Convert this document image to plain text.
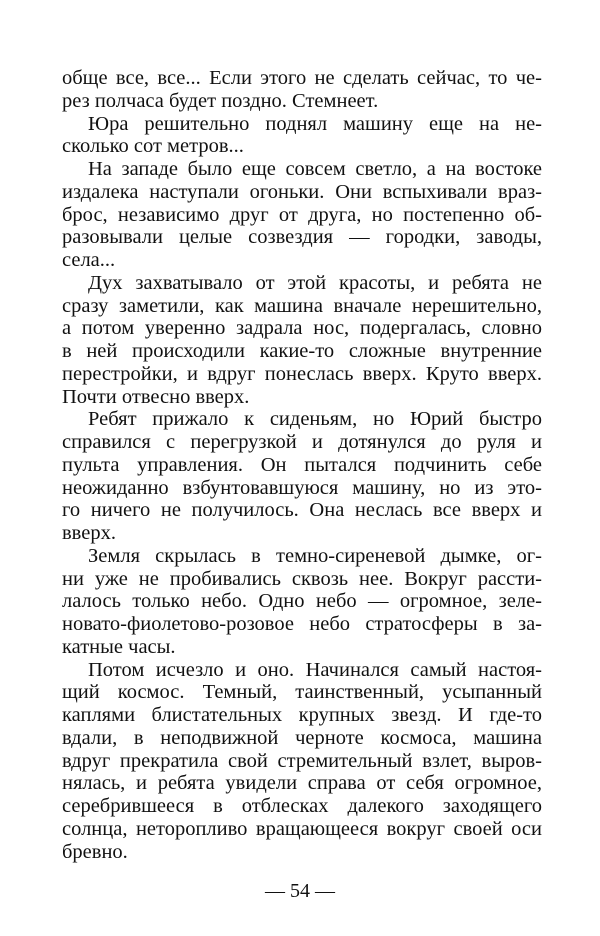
обще все, все... Если этого не сделать сейчас, то че-
рез полчаса будет поздно. Стемнеет.
Юра решительно поднял машину еще на не-
сколько сот метров...
На западе было еще совсем светло, а на востоке
издалека наступали огоньки. Они вспыхивали враз-
брос, независимо друг от друга, но постепенно об-
разовывали целые созвездия — городки, заводы,
села...
Дух захватывало от этой красоты, и ребята не
сразу заметили, как машина вначале нерешительно,
а потом уверенно задрала нос, подергалась, словно
в ней происходили какие-то сложные внутренние
перестройки, и вдруг понеслась вверх. Круто вверх.
Почти отвесно вверх.
Ребят прижало к сиденьям, но Юрий быстро
справился с перегрузкой и дотянулся до руля и
пульта управления. Он пытался подчинить себе
неожиданно взбунтовавшуюся машину, но из это-
го ничего не получилось. Она неслась все вверх и
вверх.
Земля скрылась в темно-сиреневой дымке, ог-
ни уже не пробивались сквозь нее. Вокруг рассти-
лалось только небо. Одно небо — огромное, зеле-
новато-фиолетово-розовое небо стратосферы в за-
катные часы.
Потом исчезло и оно. Начинался самый настоя-
щий космос. Темный, таинственный, усыпанный
каплями блистательных крупных звезд. И где-то
вдали, в неподвижной черноте космоса, машина
вдруг прекратила свой стремительный взлет, выров-
нялась, и ребята увидели справа от себя огромное,
серебрившееся в отблесках далекого заходящего
солнца, неторопливо вращающееся вокруг своей оси
бревно.
— 54 —
